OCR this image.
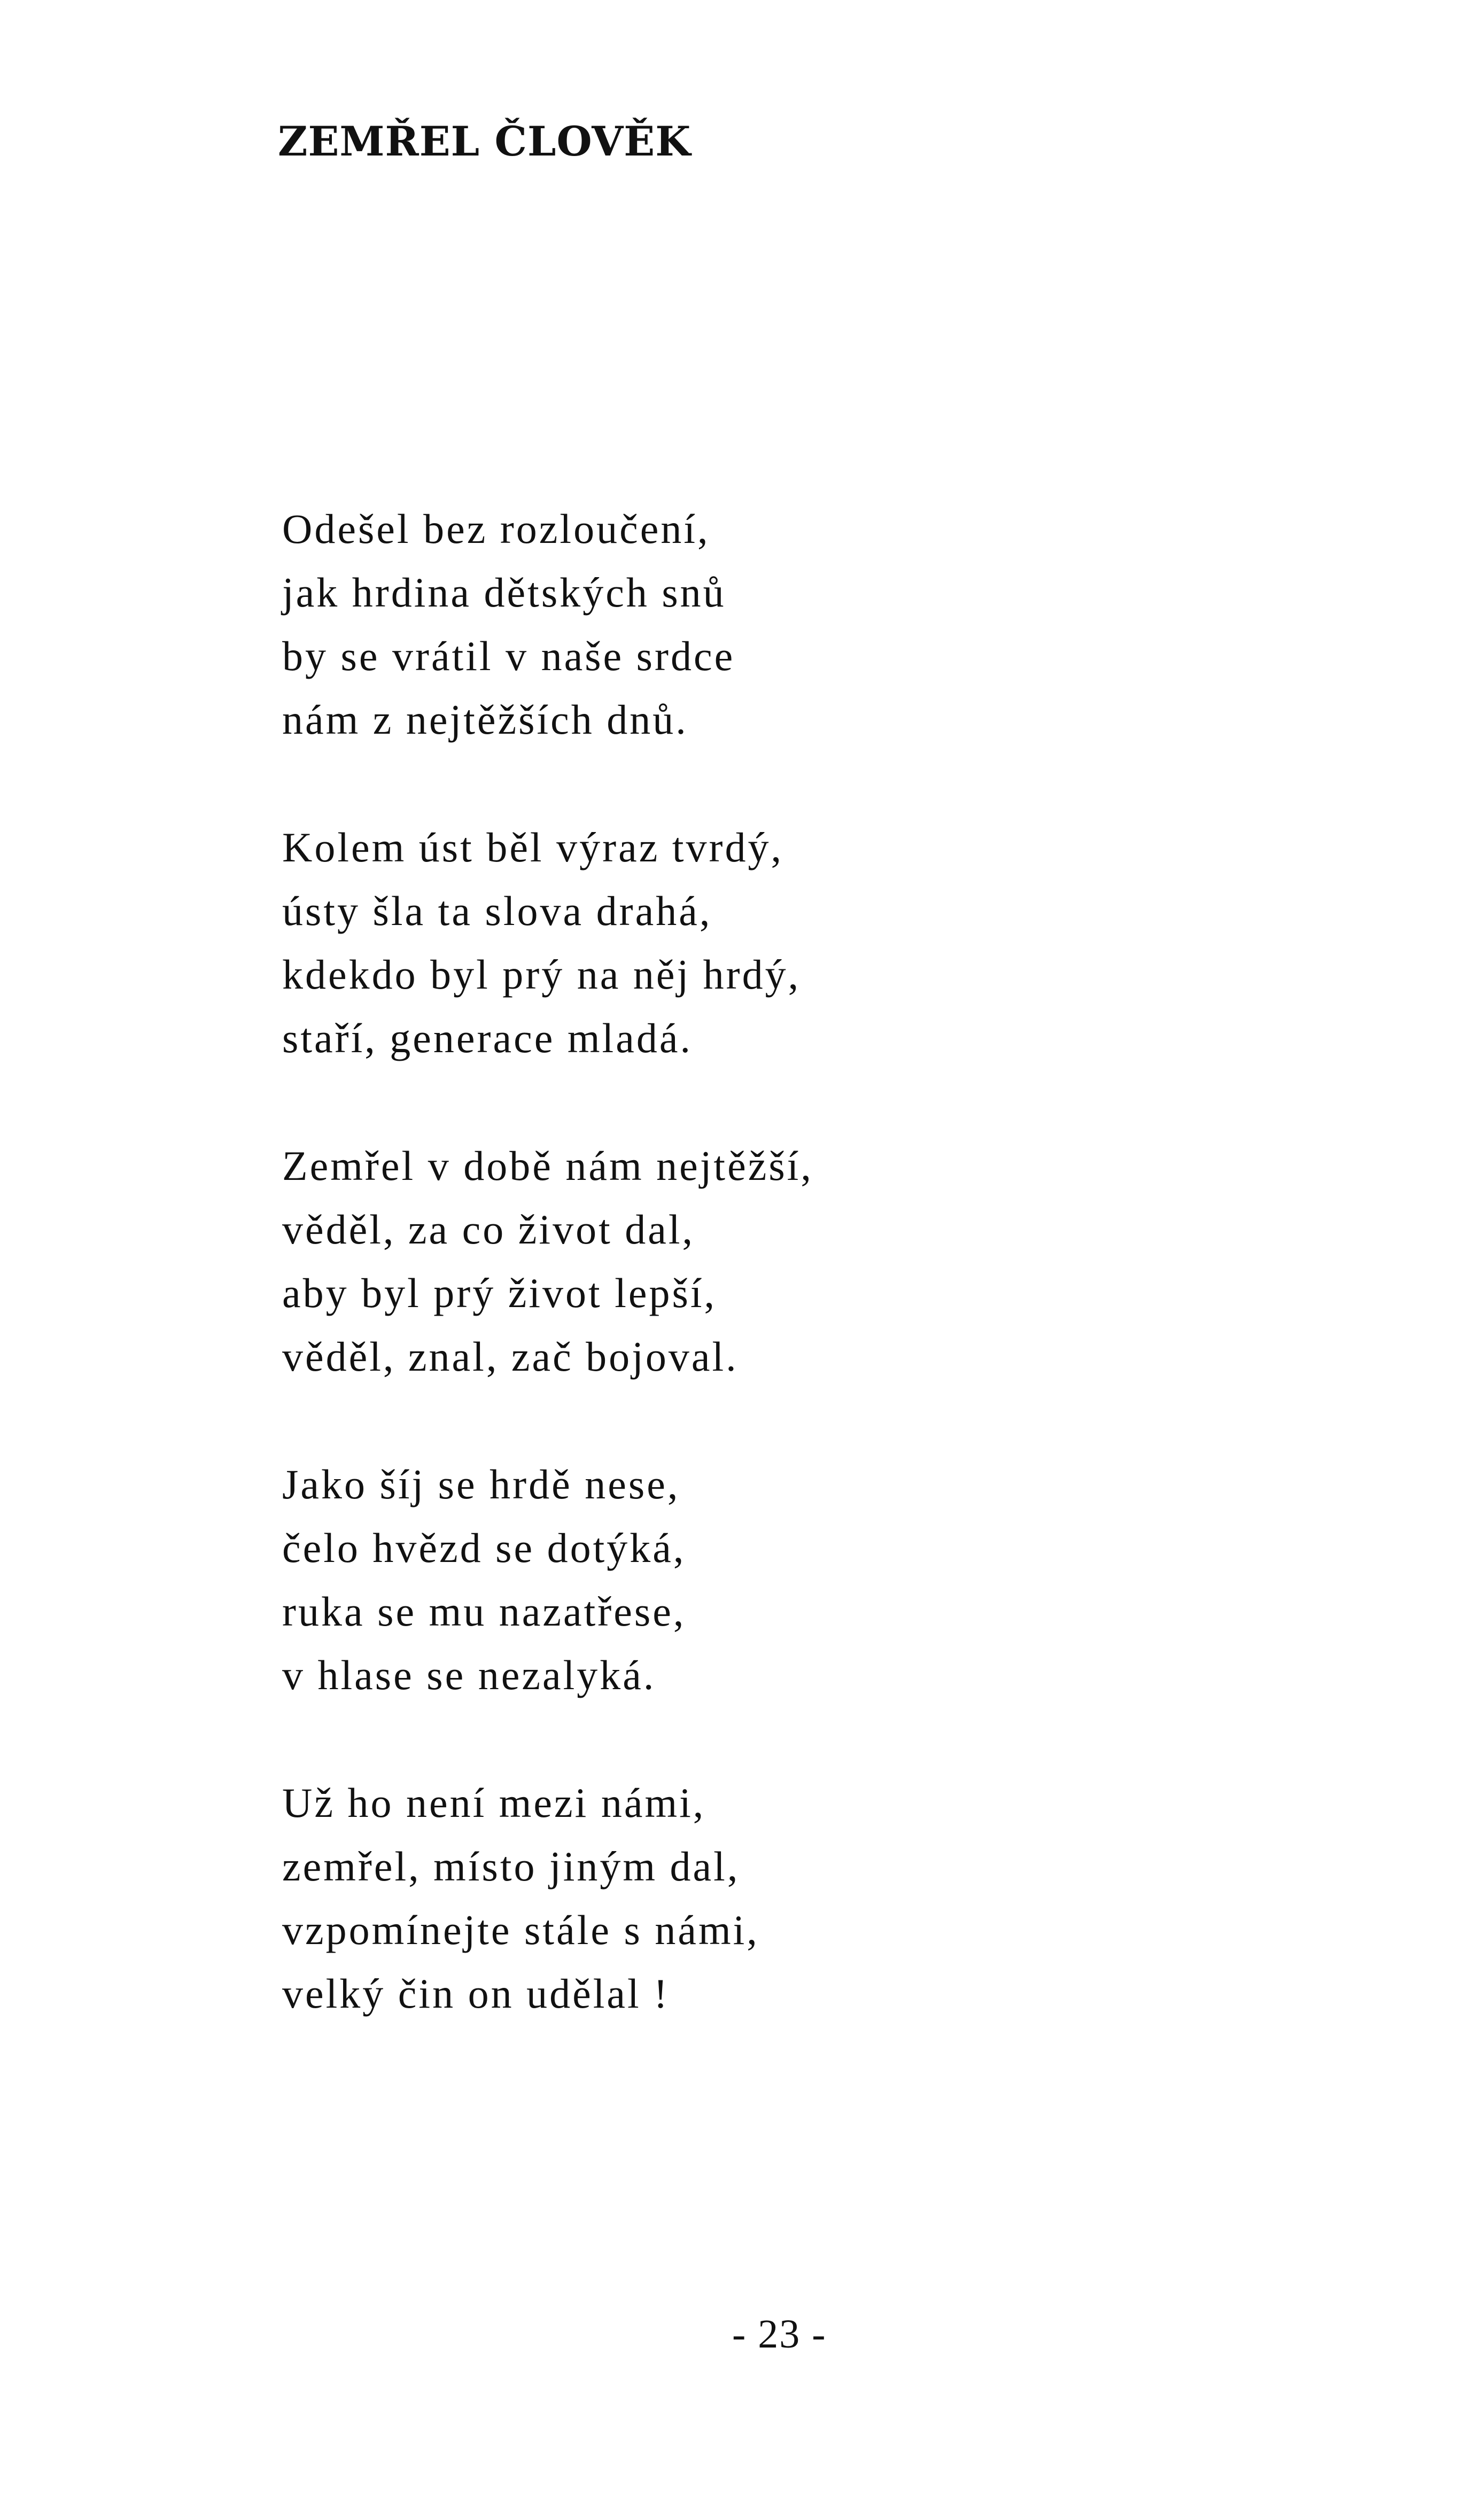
ZEMŘEL ČLOVĚK
Odešel bez rozloučení,
jak hrdina dětských snů
by se vrátil v naše srdce
nám z nejtěžších dnů.
Kolem úst běl výraz tvrdý,
ústy šla ta slova drahá,
kdekdo byl prý na něj hrdý,
staří, generace mladá.
Zemřel v době nám nejtěžší,
věděl, za co život dal,
aby byl prý život lepší,
věděl, znal, zač bojoval.
Jako šíj se hrdě nese,
čelo hvězd se dotýká,
ruka se mu nazatřese,
v hlase se nezalyká.
Už ho není mezi námi,
zemřel, místo jiným dal,
vzpomínejte stále s námi,
velký čin on udělal !
- 23 -
